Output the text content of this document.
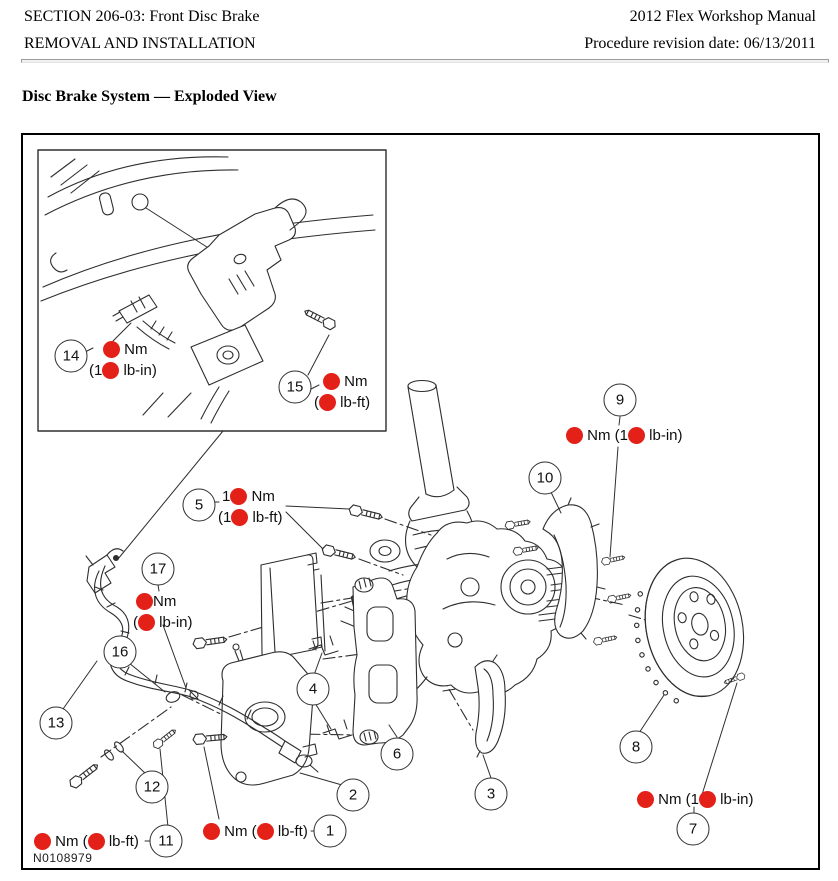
SECTION 206-03: Front Disc Brake
REMOVAL AND INSTALLATION
2012 Flex Workshop Manual
Procedure revision date: 06/13/2011
Disc Brake System — Exploded View
N0108979
1
2	3
4
5
6
7
8
9
10
11
12
13
14
15
16
17
Nm
(1 lb-in)
Nm
( lb-ft)
Nm (1 lb-in)
1 Nm
(1 lb-ft)
Nm
( lb-in)
Nm (1 lb-in)
Nm ( lb-ft)
Nm ( lb-ft)
